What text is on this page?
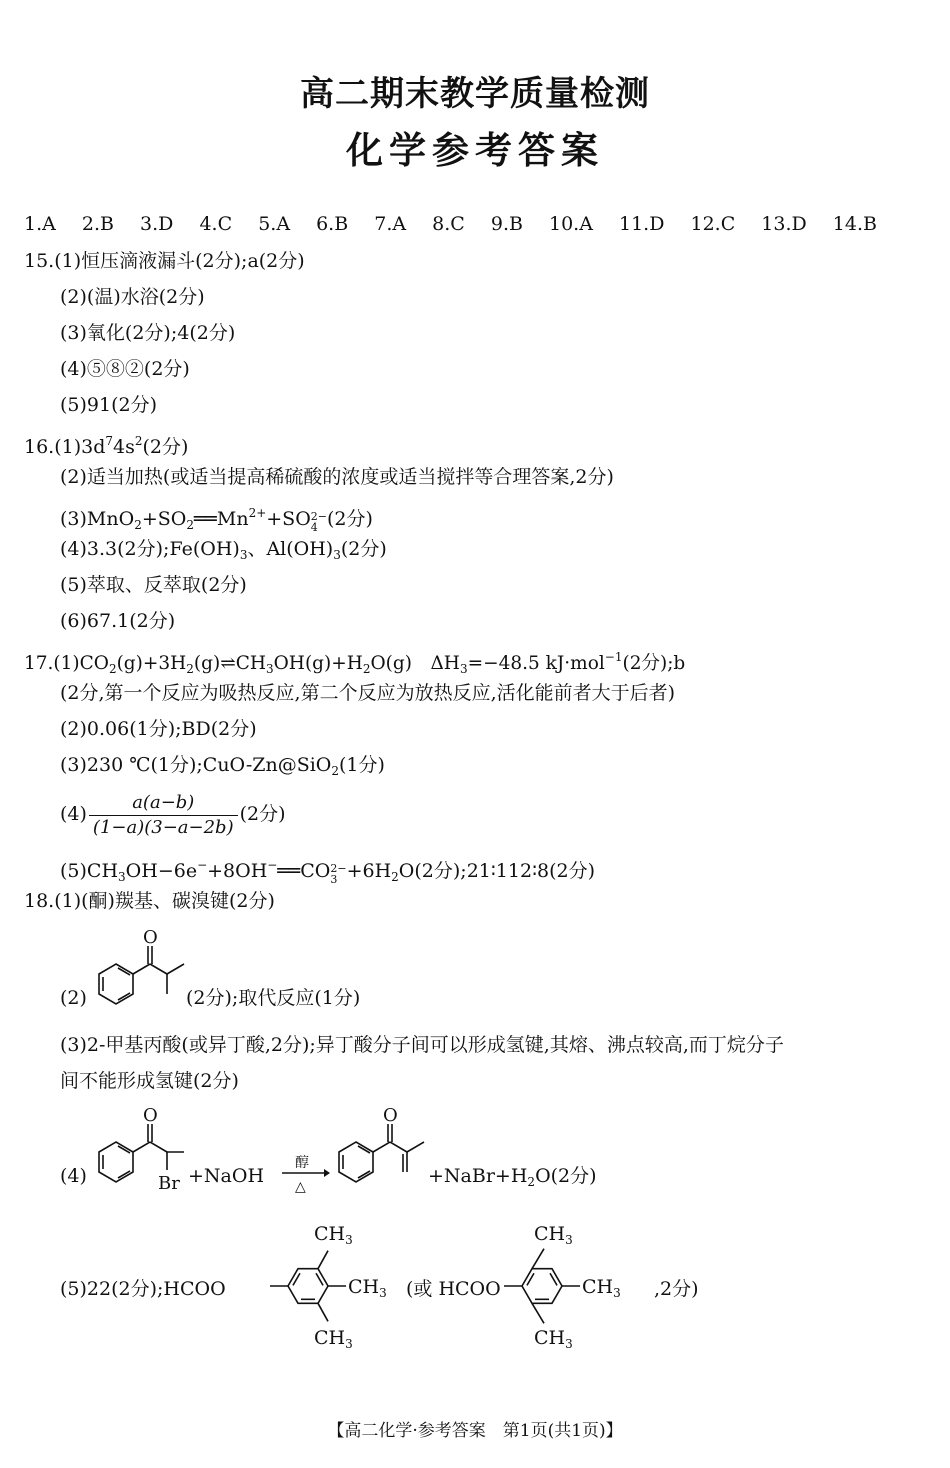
高二期末教学质量检测
化学参考答案
1.A 2.B 3.D 4.C 5.A 6.B 7.A 8.C 9.B 10.A 11.D 12.C 13.D 14.B
15.(1)恒压滴液漏斗(2分);a(2分)
(2)(温)水浴(2分)
(3)氧化(2分);4(2分)
(4)⑤⑧②(2分)
(5)91(2分)
$16.(1)3d^74s^2(2$分)
(2)适当加热(或适当提高稀硫酸的浓度或适当搅拌等合理答案,2分)
$(3)MnO_2+SO_2══Mn^{2+}+SO$ 2−
4 (2分)
(4)3.3(2分)$;Fe(OH)_3$、$Al(OH)_3(2$分)
(5)萃取、反萃取(2分)
(6)67.1(2分)
$17.(1)CO_2(g)+3H_2(g)\rightleftharpoons CH_3OH(g)+H_2O(g)$　$\Delta H_3=-48.5$ kJ·mol$^{-1}$(2分);b
(2分,第一个反应为吸热反应,第二个反应为放热反应,活化能前者大于后者)
(2)0.06(1分);BD(2分)
(3)230 ℃(1分);CuO-Zn@SiO$_2$(1分)
$(4) \frac{a(a-b)}{(1-a)(3-a-2b)} (2$分)
$(5)CH_3OH-6e^-+8OH^-══CO$ 2−
$3 +6H_2O(2$分);21∶112∶8(2分)
18.(1)(酮)羰基、碳溴键(2分)
(2)
O
(2分);取代反应(1分)
(3)2-甲基丙酸(或异丁酸,2分);异丁酸分子间可以形成氢键,其熔、沸点较高,而丁烷分子
间不能形成氢键(2分)
(4)
O
Br +NaOH
醇
△
O
$+NaBr+H_2O(2$分)
(5)22(2分);HCOO
$CH_3$
$CH_3$
$CH_3$
(或 HCOO
$CH_3$
$CH_3$
$CH_3$
,2分)
【高二化学·参考答案　第1页(共1页)】
